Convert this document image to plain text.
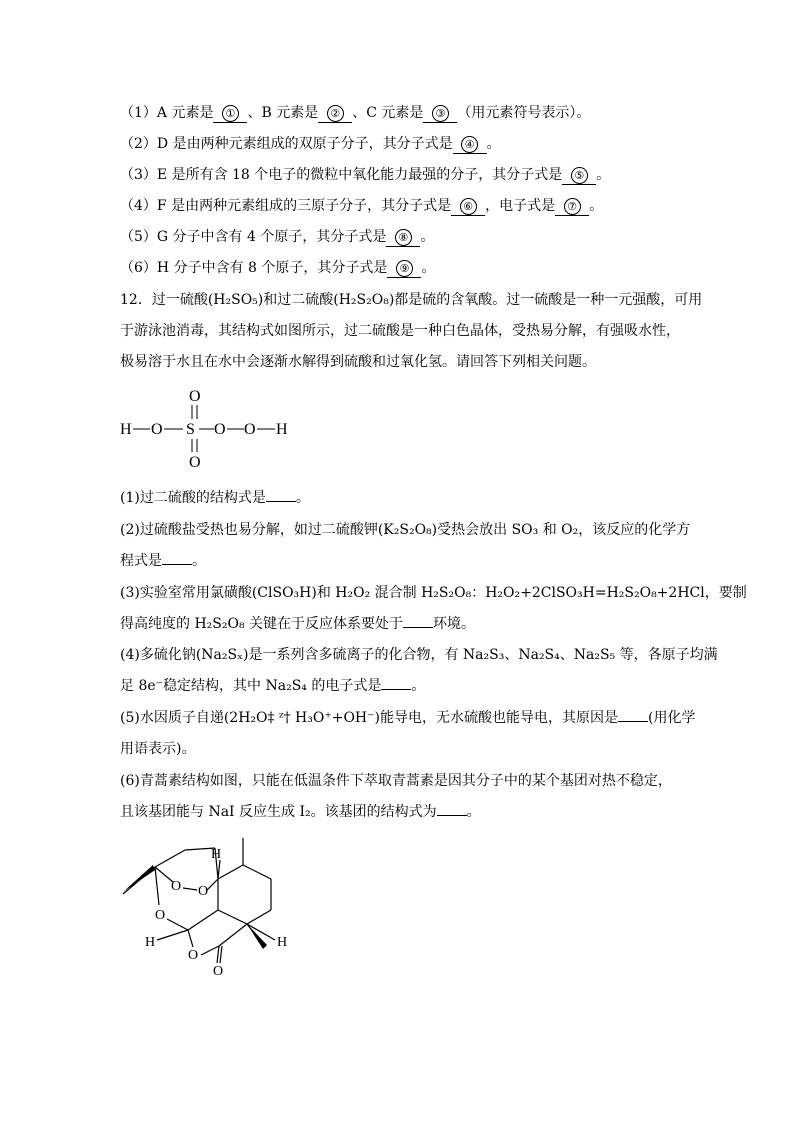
（1）A 元素是 ① 、B 元素是 ② 、C 元素是 ③ （用元素符号表示）。
（2）D 是由两种元素组成的双原子分子，其分子式是 ④ 。
（3）E 是所有含 18 个电子的微粒中氧化能力最强的分子，其分子式是 ⑤ 。
（4）F 是由两种元素组成的三原子分子，其分子式是 ⑥ ，电子式是 ⑦ 。
（5）G 分子中含有 4 个原子，其分子式是 ⑧ 。
（6）H 分子中含有 8 个原子，其分子式是 ⑨ 。
12．过一硫酸(H₂SO₅)和过二硫酸(H₂S₂O₈)都是硫的含氧酸。过一硫酸是一种一元强酸，可用
于游泳池消毒，其结构式如图所示，过二硫酸是一种白色晶体，受热易分解，有强吸水性，
极易溶于水且在水中会逐渐水解得到硫酸和过氧化氢。请回答下列相关问题。
O
H O S O O H
O
(1)过二硫酸的结构式是 。
(2)过硫酸盐受热也易分解，如过二硫酸钾(K₂S₂O₈)受热会放出 SO₃ 和 O₂，该反应的化学方
程式是 。
(3)实验室常用氯磺酸(ClSO₃H)和 H₂O₂ 混合制 H₂S₂O₈：H₂O₂+2ClSO₃H=H₂S₂O₈+2HCl，要制
得高纯度的 H₂S₂O₈ 关键在于反应体系要处于 环境。
(4)多硫化钠(Na₂Sₓ)是一系列含多硫离子的化合物，有 Na₂S₃、Na₂S₄、Na₂S₅ 等，各原子均满
足 8e⁻稳定结构，其中 Na₂S₄ 的电子式是 。
(5)水因质子自递(2H₂O‡ ᶻ† H₃O⁺+OH⁻)能导电，无水硫酸也能导电，其原因是 (用化学
用语表示)。
(6)青蒿素结构如图，只能在低温条件下萃取青蒿素是因其分子中的某个基团对热不稳定，
且该基团能与 NaI 反应生成 I₂。该基团的结构式为 。
O O
O
O
O
H	H
H
